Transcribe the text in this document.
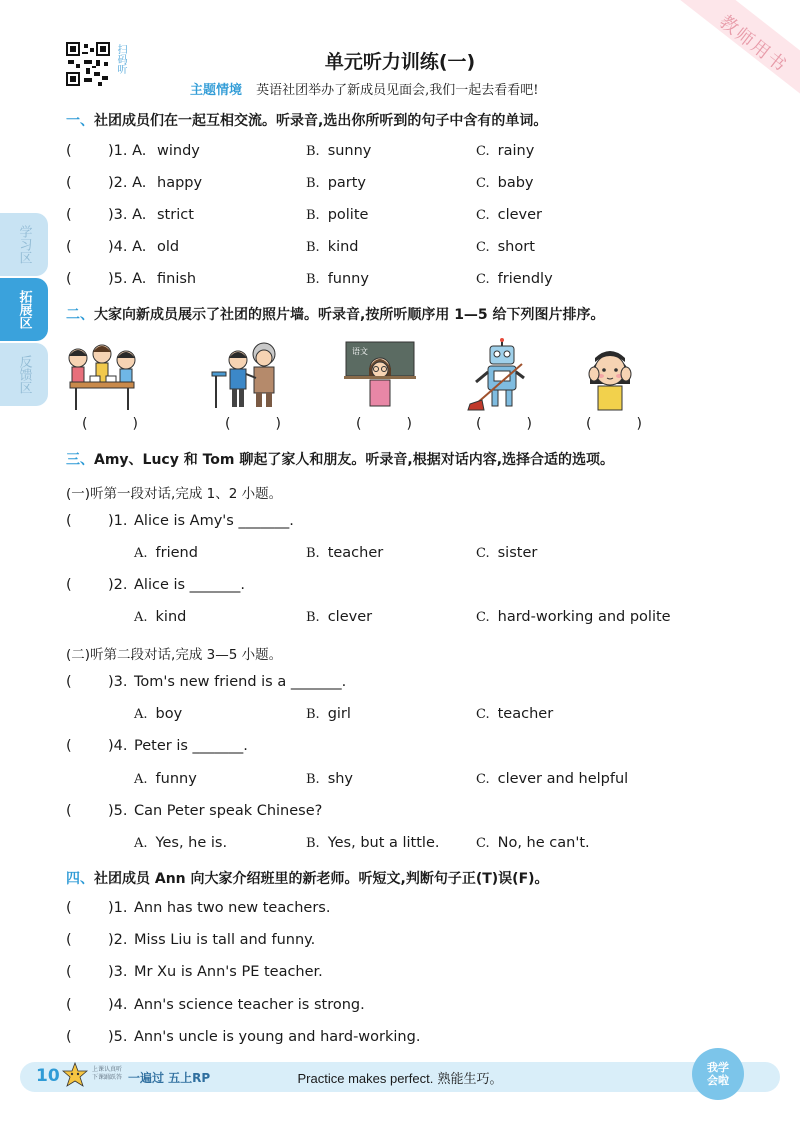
教师用书
扫码听	单元听力训练(一)
主题情境 英语社团举办了新成员见面会,我们一起去看看吧!
学习区
拓展区
反馈区
一、社团成员们在一起互相交流。听录音,选出你所听到的句子中含有的单词。
(	)1. A. windy	B. sunny	C. rainy
(	)2. A. happy	B. party	C. baby
(	)3. A. strict	B. polite	C. clever
(	)4. A. old	B. kind	C. short
(	)5. A. finish	B. funny	C. friendly
二、大家向新成员展示了社团的照片墙。听录音,按所听顺序用 1—5 给下列图片排序。
(	)	(	)
语文
(	)	(	)	(	)
三、Amy、Lucy 和 Tom 聊起了家人和朋友。听录音,根据对话内容,选择合适的选项。
(一)听第一段对话,完成 1、2 小题。
(	)1. Alice is Amy's _______.
A. friend	B. teacher	C. sister
(	)2. Alice is _______.
A. kind	B. clever	C. hard-working and polite
(二)听第二段对话,完成 3—5 小题。
(	)3. Tom's new friend is a _______.
A. boy	B. girl	C. teacher
(	)4. Peter is _______.
A. funny	B. shy	C. clever and helpful
(	)5. Can Peter speak Chinese?
A. Yes, he is.	B. Yes, but a little.	C. No, he can't.
四、社团成员 Ann 向大家介绍班里的新老师。听短文,判断句子正(T)误(F)。
(	)1. Ann has two new teachers.
(	)2. Miss Liu is tall and funny.
(	)3. Mr Xu is Ann's PE teacher.
(	)4. Ann's science teacher is strong.
(	)5. Ann's uncle is young and hard-working.
10	上课认真听 下课踊跃答 一遍过 五上RP	Practice makes perfect. 熟能生巧。
我学
会啦
